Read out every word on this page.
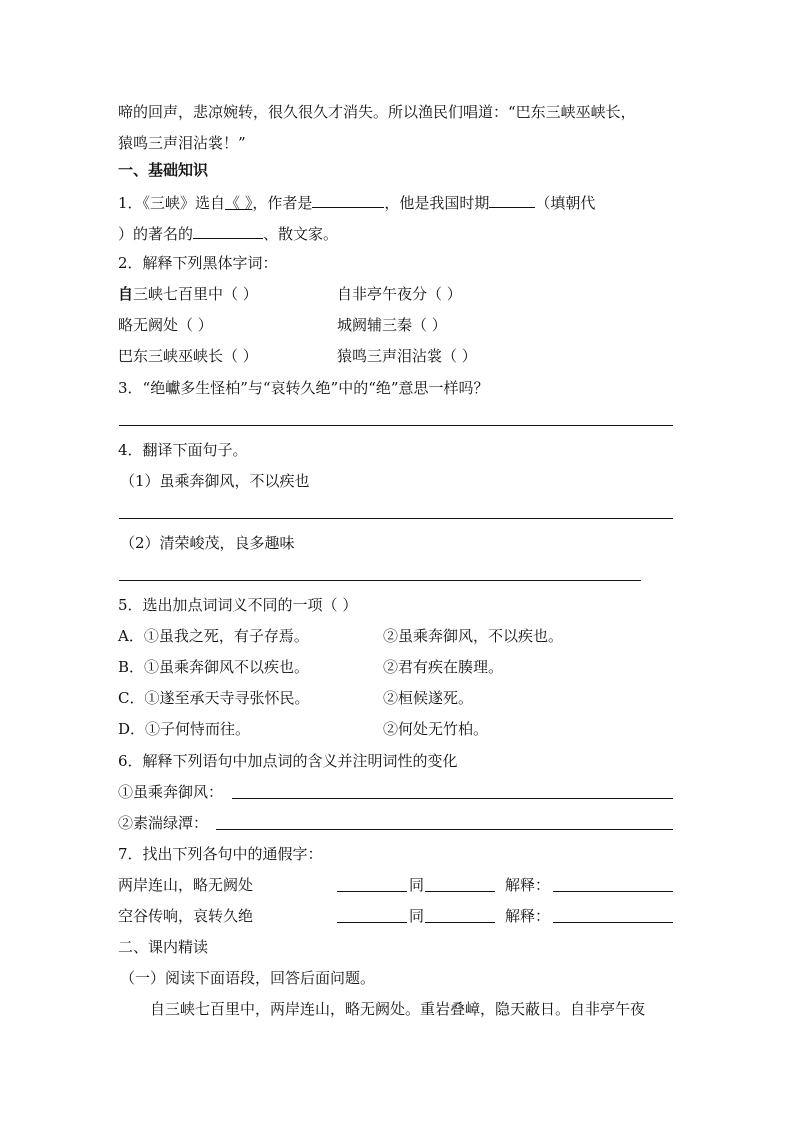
啼的回声，悲凉婉转，很久很久才消失。所以渔民们唱道：“巴东三峡巫峡长，
猿鸣三声泪沾裳！”
一、基础知识
1．《三峡》选自《 》，作者是	，他是我国时期	（填朝代
）的著名的	、散文家。
2．解释下列黑体字词：
自三峡七百里中（ ）	自非亭午夜分（ ）
略无阙处（ ）	城阙辅三秦（ ）
巴东三峡巫峡长（ ）	猿鸣三声泪沾裳（ ）
3．“绝巘多生怪柏”与“哀转久绝”中的“绝”意思一样吗？
4．翻译下面句子。
（1）虽乘奔御风，不以疾也
（2）清荣峻茂，良多趣味
5．选出加点词词义不同的一项（ ）
A．①虽我之死，有子存焉。	②虽乘奔御风，不以疾也。
B．①虽乘奔御风不以疾也。	②君有疾在腠理。
C．①遂至承天寺寻张怀民。	②桓候遂死。
D．①子何恃而往。	②何处无竹柏。
6．解释下列语句中加点词的含义并注明词性的变化
①虽乘奔御风：
②素湍绿潭：
7．找出下列各句中的通假字：
两岸连山，略无阙处	同	解释：
空谷传响，哀转久绝	同	解释：
二、课内精读
（一）阅读下面语段，回答后面问题。
自三峡七百里中，两岸连山，略无阙处。重岩叠嶂，隐天蔽日。自非亭午夜
